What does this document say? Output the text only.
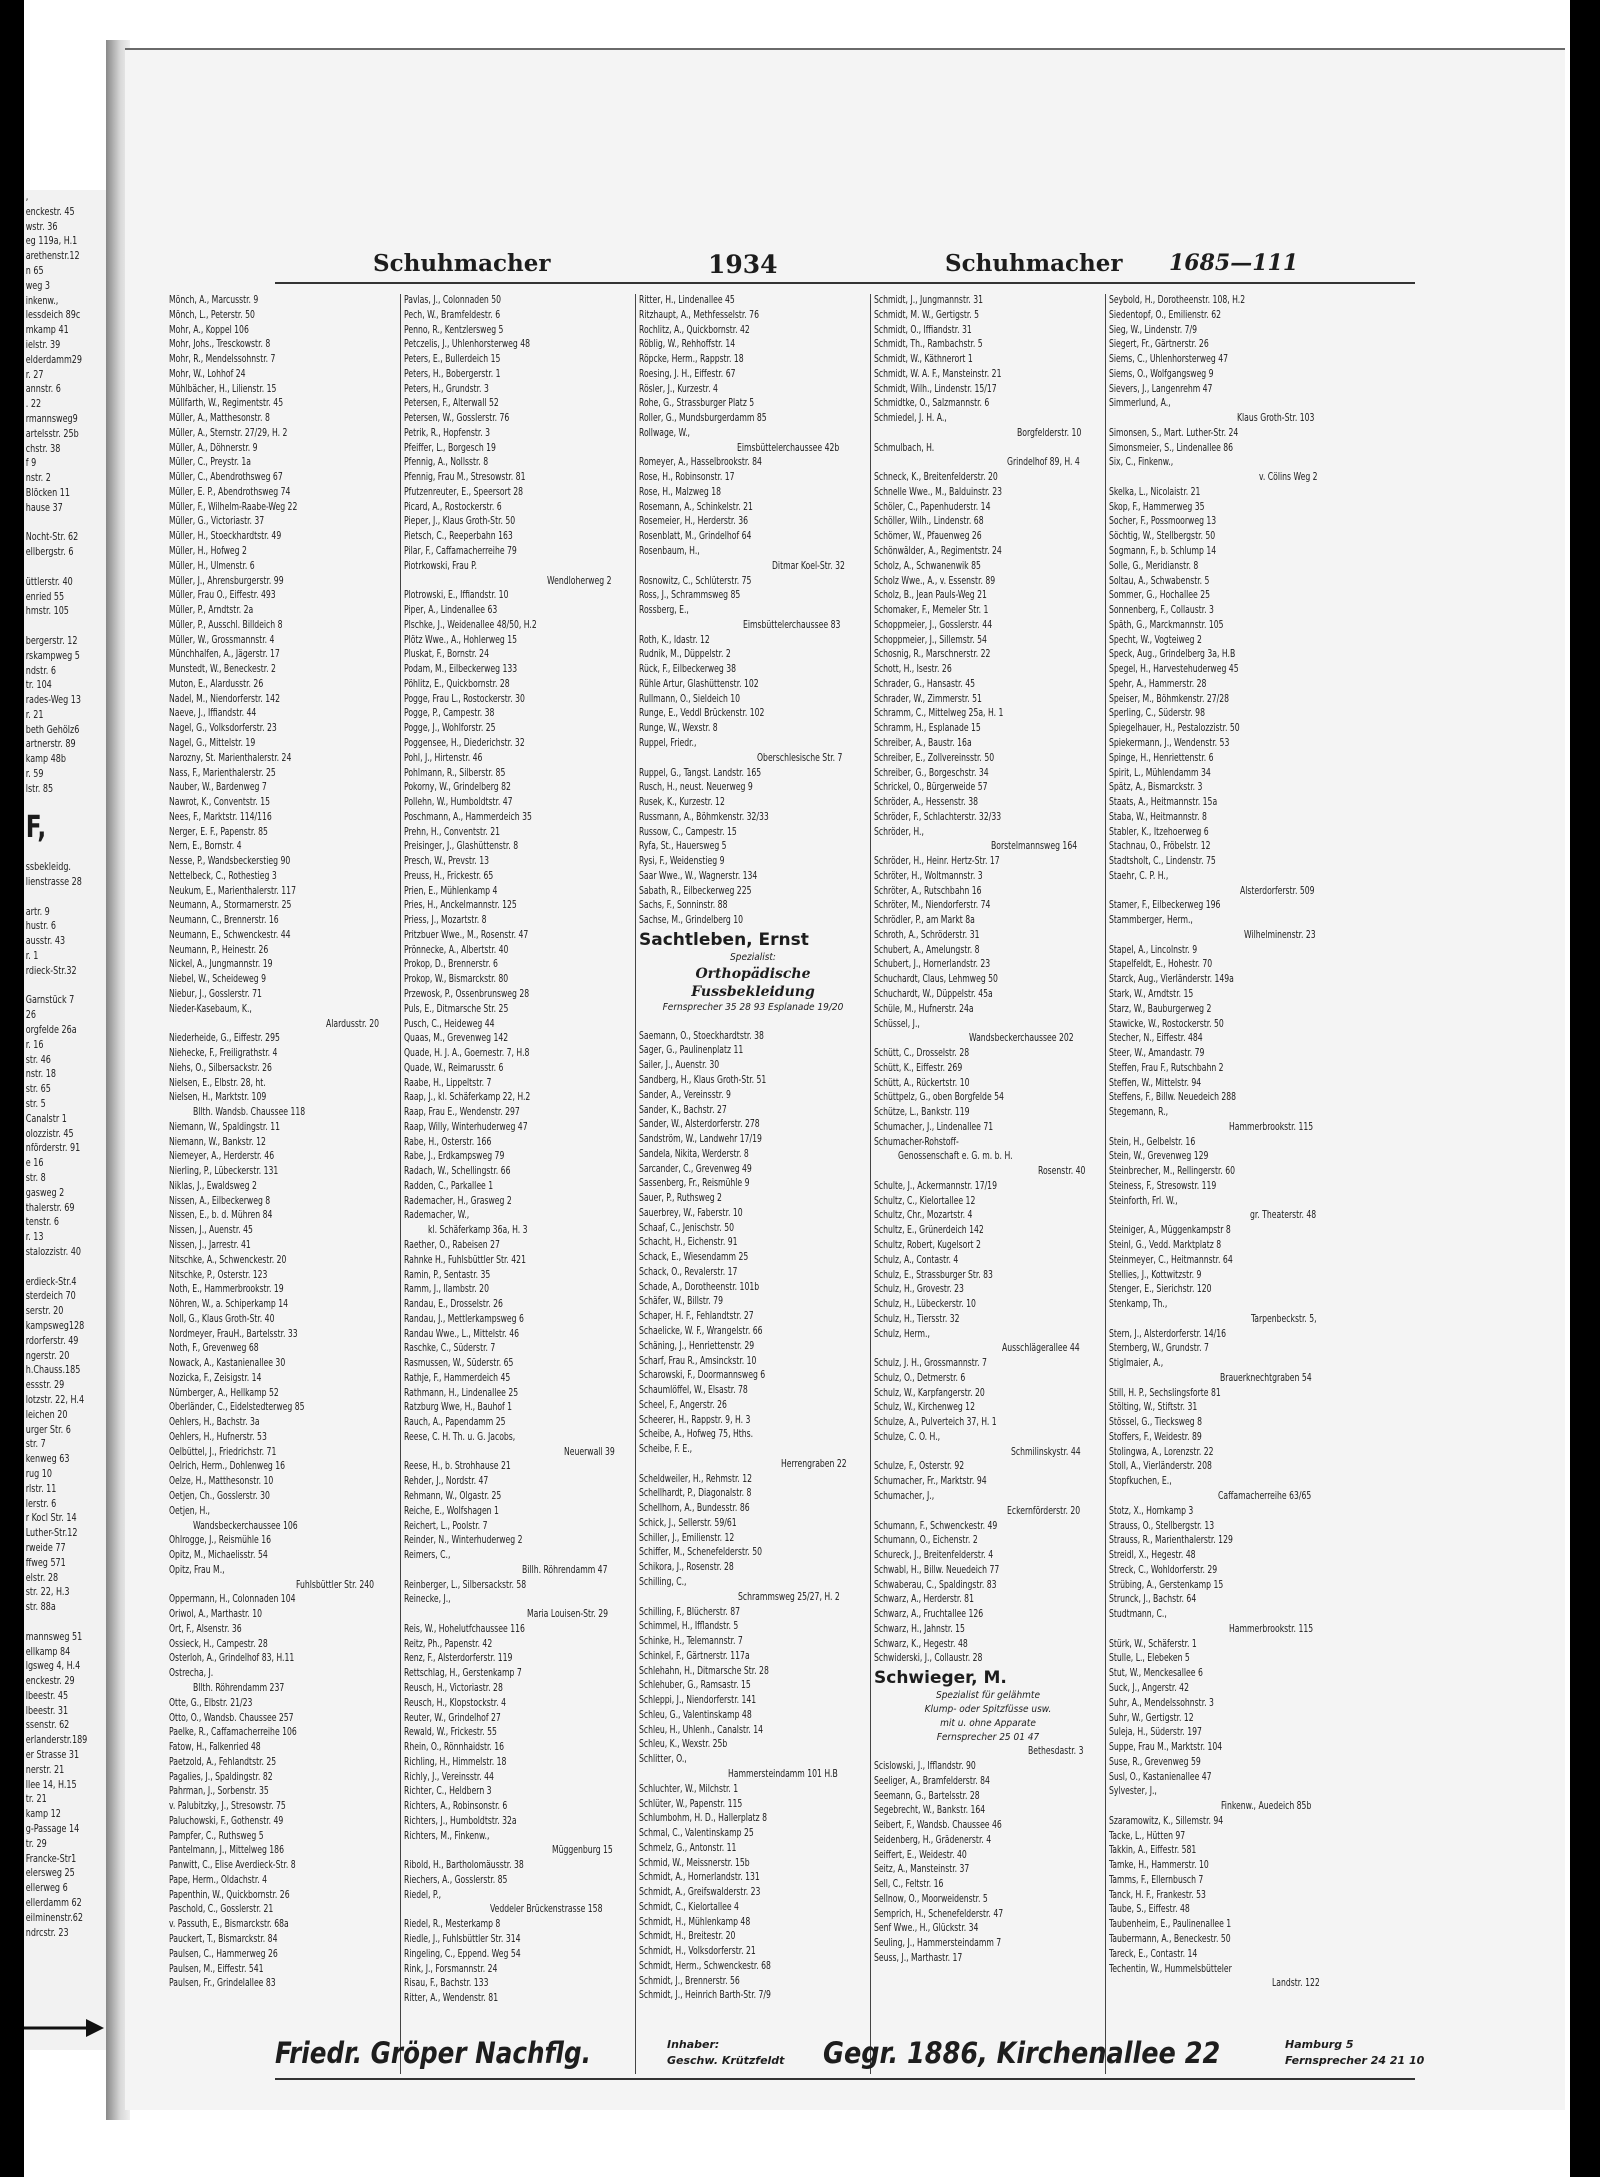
,
enckestr. 45
wstr. 36
eg 119a, H.1
arethenstr.12
n 65
weg 3
inkenw.,
lessdeich 89c
mkamp 41
ielstr. 39
elderdamm29
r. 27
annstr. 6
. 22
rmannsweg9
artelsstr. 25b
chstr. 38
f 9
nstr. 2
Blöcken 11
hause 37

Nocht-Str. 62
ellbergstr. 6

üttlerstr. 40
enried 55
hmstr. 105

bergerstr. 12
rskampweg 5
ndstr. 6
tr. 104
rades-Weg 13
r. 21
beth Gehölz6
artnerstr. 89
kamp 48b
r. 59
lstr. 85

F,

ssbekleidg.
lienstrasse 28

artr. 9
hustr. 6
ausstr. 43
r. 1
rdieck-Str.32

Garnstück 7
26
orgfelde 26a
r. 16
str. 46
nstr. 18
str. 65
str. 5
Canalstr 1
olozzistr. 45
nförderstr. 91
e 16
str. 8
gasweg 2
thalerstr. 69
tenstr. 6
r. 13
stalozzistr. 40

erdieck-Str.4
sterdeich 70
serstr. 20
kampsweg128
rdorferstr. 49
ngerstr. 20
h.Chauss.185
essstr. 29
lotzstr. 22, H.4
leichen 20
urger Str. 6
str. 7
kenweg 63
rug 10
rlstr. 11
lerstr. 6
r Kocl Str. 14
Luther-Str.12
rweide 77
ffweg 571
elstr. 28
str. 22, H.3
str. 88a

mannsweg 51
ellkamp 84
lgsweg 4, H.4
enckestr. 29
lbeestr. 45
lbeestr. 31
ssenstr. 62
erlanderstr.189
er Strasse 31
nerstr. 21
llee 14, H.15
tr. 21
kamp 12
g-Passage 14
tr. 29
Francke-Str1
elersweg 25
ellerweg 6
ellerdamm 62
eilminenstr.62
ndrcstr. 23
Schuhmacher	1934	Schuhmacher 1685—111
Mönch, A., Marcusstr. 9
Mönch, L., Peterstr. 50
Mohr, A., Koppel 106
Mohr, Johs., Tresckowstr. 8
Mohr, R., Mendelssohnstr. 7
Mohr, W., Lohhof 24
Mühlbächer, H., Lilienstr. 15
Müllfarth, W., Regimentstr. 45
Müller, A., Matthesonstr. 8
Müller, A., Sternstr. 27/29, H. 2
Müller, A., Döhnerstr. 9
Müller, C., Preystr. 1a
Müller, C., Abendrothsweg 67
Müller, E. P., Abendrothsweg 74
Müller, F., Wilhelm-Raabe-Weg 22
Müller, G., Victoriastr. 37
Müller, H., Stoeckhardtstr. 49
Müller, H., Hofweg 2
Müller, H., Ulmenstr. 6
Müller, J., Ahrensburgerstr. 99
Müller, Frau O., Eiffestr. 493
Müller, P., Arndtstr. 2a
Müller, P., Ausschl. Billdeich 8
Müller, W., Grossmannstr. 4
Münchhalfen, A., Jägerstr. 17
Munstedt, W., Beneckestr. 2
Muton, E., Alardusstr. 26
Nadel, M., Niendorferstr. 142
Naeve, J., Iffiandstr. 44
Nagel, G., Volksdorferstr. 23
Nagel, G., Mittelstr. 19
Narozny, St. Marienthalerstr. 24
Nass, F., Marienthalerstr. 25
Nauber, W., Bardenweg 7
Nawrot, K., Conventstr. 15
Nees, F., Marktstr. 114/116
Nerger, E. F., Papenstr. 85
Nern, E., Bornstr. 4
Nesse, P., Wandsbeckerstieg 90
Nettelbeck, C., Rothestieg 3
Neukum, E., Marienthalerstr. 117
Neumann, A., Stormarnerstr. 25
Neumann, C., Brennerstr. 16
Neumann, E., Schwenckestr. 44
Neumann, P., Heinestr. 26
Nickel, A., Jungmannstr. 19
Niebel, W., Scheideweg 9
Niebur, J., Gosslerstr. 71
Nieder-Kasebaum, K.,
Alardusstr. 20
Niederheide, G., Eiffestr. 295
Niehecke, F., Freiligrathstr. 4
Niehs, O., Silbersackstr. 26
Nielsen, E., Elbstr. 28, ht.
Nielsen, H., Marktstr. 109
Bllth. Wandsb. Chaussee 118
Niemann, W., Spaldingstr. 11
Niemann, W., Bankstr. 12
Niemeyer, A., Herderstr. 46
Nierling, P., Lübeckerstr. 131
Niklas, J., Ewaldsweg 2
Nissen, A., Eilbeckerweg 8
Nissen, E., b. d. Mühren 84
Nissen, J., Auenstr. 45
Nissen, J., Jarrestr. 41
Nitschke, A., Schwenckestr. 20
Nitschke, P., Osterstr. 123
Noth, E., Hammerbrookstr. 19
Nöhren, W., a. Schiperkamp 14
Noll, G., Klaus Groth-Str. 40
Nordmeyer, FrauH., Bartelsstr. 33
Noth, F., Grevenweg 68
Nowack, A., Kastanienallee 30
Nozicka, F., Zeisigstr. 14
Nürnberger, A., Hellkamp 52
Oberländer, C., Eidelstedterweg 85
Oehlers, H., Bachstr. 3a
Oehlers, H., Hufnerstr. 53
Oelbüttel, J., Friedrichstr. 71
Oelrich, Herm., Dohlenweg 16
Oelze, H., Matthesonstr. 10
Oetjen, Ch., Gosslerstr. 30
Oetjen, H.,
Wandsbeckerchaussee 106
Ohlrogge, J., Reismühle 16
Opitz, M., Michaelisstr. 54
Opitz, Frau M.,
Fuhlsbüttler Str. 240
Oppermann, H., Colonnaden 104
Oriwol, A., Marthastr. 10
Ort, F., Alsenstr. 36
Ossieck, H., Campestr. 28
Osterloh, A., Grindelhof 83, H.11
Ostrecha, J.
Bllth. Röhrendamm 237
Otte, G., Elbstr. 21/23
Otto, O., Wandsb. Chaussee 257
Paelke, R., Caffamacherreihe 106
Fatow, H., Falkenried 48
Paetzold, A., Fehlandtstr. 25
Pagalies, J., Spaldingstr. 82
Pahrman, J., Sorbenstr. 35
v. Palubitzky, J., Stresowstr. 75
Paluchowski, F., Gothenstr. 49
Pampfer, C., Ruthsweg 5
Pantelmann, J., Mittelweg 186
Panwitt, C., Elise Averdieck-Str. 8
Pape, Herm., Oldachstr. 4
Papenthin, W., Quickbornstr. 26
Paschold, C., Gosslerstr. 21
v. Passuth, E., Bismarckstr. 68a
Pauckert, T., Bismarckstr. 84
Paulsen, C., Hammerweg 26
Paulsen, M., Eiffestr. 541
Paulsen, Fr., Grindelallee 83
Pavlas, J., Colonnaden 50
Pech, W., Bramfeldestr. 6
Penno, R., Kentzlersweg 5
Petczelis, J., Uhlenhorsterweg 48
Peters, E., Bullerdeich 15
Peters, H., Bobergerstr. 1
Peters, H., Grundstr. 3
Petersen, F., Alterwall 52
Petersen, W., Gosslerstr. 76
Petrik, R., Hopfenstr. 3
Pfeiffer, L., Borgesch 19
Pfennig, A., Nollsstr. 8
Pfennig, Frau M., Stresowstr. 81
Pfutzenreuter, E., Speersort 28
Picard, A., Rostockerstr. 6
Pieper, J., Klaus Groth-Str. 50
Pietsch, C., Reeperbahn 163
Pilar, F., Caffamacherreihe 79
Piotrkowski, Frau P.
Wendloherweg 2
Plotrowski, E., Iffiandstr. 10
Piper, A., Lindenallee 63
Plschke, J., Weidenallee 48/50, H.2
Plötz Wwe., A., Hohlerweg 15
Pluskat, F., Bornstr. 24
Podam, M., Eilbeckerweg 133
Pöhlitz, E., Quickbornstr. 28
Pogge, Frau L., Rostockerstr. 30
Pogge, P., Campestr. 38
Pogge, J., Wohlforstr. 25
Poggensee, H., Diederichstr. 32
Pohl, J., Hirtenstr. 46
Pohlmann, R., Silberstr. 85
Pokorny, W., Grindelberg 82
Pollehn, W., Humboldtstr. 47
Poschmann, A., Hammerdeich 35
Prehn, H., Conventstr. 21
Preisinger, J., Glashüttenstr. 8
Presch, W., Prevstr. 13
Preuss, H., Frickestr. 65
Prien, E., Mühlenkamp 4
Pries, H., Anckelmannstr. 125
Priess, J., Mozartstr. 8
Pritzbuer Wwe., M., Rosenstr. 47
Prönnecke, A., Albertstr. 40
Prokop, D., Brennerstr. 6
Prokop, W., Bismarckstr. 80
Przewosk, P., Ossenbrunsweg 28
Puls, E., Ditmarsche Str. 25
Pusch, C., Heideweg 44
Quaas, M., Grevenweg 142
Quade, H. J. A., Goernestr. 7, H.8
Quade, W., Reimarusstr. 6
Raabe, H., Lippeltstr. 7
Raap, J., kl. Schäferkamp 22, H.2
Raap, Frau E., Wendenstr. 297
Raap, Willy, Winterhuderweg 47
Rabe, H., Osterstr. 166
Rabe, J., Erdkampsweg 79
Radach, W., Schellingstr. 66
Radden, C., Parkallee 1
Rademacher, H., Grasweg 2
Rademacher, W.,
kl. Schäferkamp 36a, H. 3
Raether, O., Rabeisen 27
Rahnke H., Fuhlsbüttler Str. 421
Ramin, P., Sentastr. 35
Ramm, J., Ilambstr. 20
Randau, E., Drosselstr. 26
Randau, J., Mettlerkampsweg 6
Randau Wwe., L., Mittelstr. 46
Raschke, C., Süderstr. 7
Rasmussen, W., Süderstr. 65
Rathje, F., Hammerdeich 45
Rathmann, H., Lindenallee 25
Ratzburg Wwe, H., Bauhof 1
Rauch, A., Papendamm 25
Reese, C. H. Th. u. G. Jacobs,
Neuerwall 39
Reese, H., b. Strohhause 21
Rehder, J., Nordstr. 47
Rehmann, W., Olgastr. 25
Reiche, E., Wolfshagen 1
Reichert, L., Poolstr. 7
Reinder, N., Winterhuderweg 2
Reimers, C.,
Billh. Röhrendamm 47
Reinberger, L., Silbersackstr. 58
Reinecke, J.,
Maria Louisen-Str. 29
Reis, W., Hohelutfchaussee 116
Reitz, Ph., Papenstr. 42
Renz, F., Alsterdorferstr. 119
Rettschlag, H., Gerstenkamp 7
Reusch, H., Victoriastr. 28
Reusch, H., Klopstockstr. 4
Reuter, W., Grindelhof 27
Rewald, W., Frickestr. 55
Rhein, O., Rönnhaidstr. 16
Richling, H., Himmelstr. 18
Richly, J., Vereinsstr. 44
Richter, C., Heldbern 3
Richters, A., Robinsonstr. 6
Richters, J., Humboldtstr. 32a
Richters, M., Finkenw.,
Müggenburg 15
Ribold, H., Bartholomäusstr. 38
Riechers, A., Gosslerstr. 85
Riedel, P.,
Veddeler Brückenstrasse 158
Riedel, R., Mesterkamp 8
Riedle, J., Fuhlsbüttler Str. 314
Ringeling, C., Eppend. Weg 54
Rink, J., Forsmannstr. 24
Risau, F., Bachstr. 133
Ritter, A., Wendenstr. 81
Ritter, H., Lindenallee 45
Ritzhaupt, A., Methfesselstr. 76
Rochlitz, A., Quickbornstr. 42
Röblig, W., Rehhoffstr. 14
Röpcke, Herm., Rappstr. 18
Roesing, J. H., Eiffestr. 67
Rösler, J., Kurzestr. 4
Rohe, G., Strassburger Platz 5
Roller, G., Mundsburgerdamm 85
Rollwage, W.,
Eimsbüttelerchaussee 42b
Romeyer, A., Hasselbrookstr. 84
Rose, H., Robinsonstr. 17
Rose, H., Malzweg 18
Rosemann, A., Schinkelstr. 21
Rosemeier, H., Herderstr. 36
Rosenblatt, M., Grindelhof 64
Rosenbaum, H.,
Ditmar Koel-Str. 32
Rosnowitz, C., Schlüterstr. 75
Ross, J., Schrammsweg 85
Rossberg, E.,
Eimsbüttelerchaussee 83
Roth, K., Idastr. 12
Rudnik, M., Düppelstr. 2
Rück, F., Eilbeckerweg 38
Rühle Artur, Glashüttenstr. 102
Rullmann, O., Sieldeich 10
Runge, E., Veddl Brückenstr. 102
Runge, W., Wexstr. 8
Ruppel, Friedr.,
Oberschlesische Str. 7
Ruppel, G., Tangst. Landstr. 165
Rusch, H., neust. Neuerweg 9
Rusek, K., Kurzestr. 12
Russmann, A., Böhmkenstr. 32/33
Russow, C., Campestr. 15
Ryfa, St., Hauersweg 5
Rysi, F., Weidenstieg 9
Saar Wwe., W., Wagnerstr. 134
Sabath, R., Eilbeckerweg 225
Sachs, F., Sonninstr. 88
Sachse, M., Grindelberg 10
Sachtleben, Ernst
Spezialist:
Orthopädische
Fussbekleidung
Fernsprecher 35 28 93 Esplanade 19/20

Saemann, O., Stoeckhardtstr. 38
Sager, G., Paulinenplatz 11
Sailer, J., Auenstr. 30
Sandberg, H., Klaus Groth-Str. 51
Sander, A., Vereinsstr. 9
Sander, K., Bachstr. 27
Sander, W., Alsterdorferstr. 278
Sandström, W., Landwehr 17/19
Sandela, Nikita, Werderstr. 8
Sarcander, C., Grevenweg 49
Sassenberg, Fr., Reismühle 9
Sauer, P., Ruthsweg 2
Sauerbrey, W., Faberstr. 10
Schaaf, C., Jenischstr. 50
Schacht, H., Eichenstr. 91
Schack, E., Wiesendamm 25
Schack, O., Revalerstr. 17
Schade, A., Dorotheenstr. 101b
Schäfer, W., Billstr. 79
Schaper, H. F., Fehlandtstr. 27
Schaelicke, W. F., Wrangelstr. 66
Schäning, J., Henriettenstr. 29
Scharf, Frau R., Amsinckstr. 10
Scharowski, F., Doormannsweg 6
Schaumlöffel, W., Elsastr. 78
Scheel, F., Angerstr. 26
Scheerer, H., Rappstr. 9, H. 3
Scheibe, A., Hofweg 75, Hths.
Scheibe, F. E.,
Herrengraben 22
Scheldweiler, H., Rehmstr. 12
Schellhardt, P., Diagonalstr. 8
Schellhorn, A., Bundesstr. 86
Schick, J., Sellerstr. 59/61
Schiller, J., Emilienstr. 12
Schiffer, M., Schenefelderstr. 50
Schikora, J., Rosenstr. 28
Schilling, C.,
Schrammsweg 25/27, H. 2
Schilling, F., Blücherstr. 87
Schimmel, H., Ifflandstr. 5
Schinke, H., Telemannstr. 7
Schinkel, F., Gärtnerstr. 117a
Schlehahn, H., Ditmarsche Str. 28
Schlehuber, G., Ramsastr. 15
Schleppi, J., Niendorferstr. 141
Schleu, G., Valentinskamp 48
Schleu, H., Uhlenh., Canalstr. 14
Schleu, K., Wexstr. 25b
Schlitter, O.,
Hammersteindamm 101 H.B
Schluchter, W., Milchstr. 1
Schlüter, W., Papenstr. 115
Schlumbohm, H. D., Hallerplatz 8
Schmal, C., Valentinskamp 25
Schmelz, G., Antonstr. 11
Schmid, W., Meissnerstr. 15b
Schmidt, A., Hornerlandstr. 131
Schmidt, A., Greifswalderstr. 23
Schmidt, C., Kielortallee 4
Schmidt, H., Mühlenkamp 48
Schmidt, H., Breitestr. 20
Schmidt, H., Volksdorferstr. 21
Schmidt, Herm., Schwenckestr. 68
Schmidt, J., Brennerstr. 56
Schmidt, J., Heinrich Barth-Str. 7/9
Schmidt, J., Jungmannstr. 31
Schmidt, M. W., Gertigstr. 5
Schmidt, O., Iffiandstr. 31
Schmidt, Th., Rambachstr. 5
Schmidt, W., Käthnerort 1
Schmidt, W. A. F., Mansteinstr. 21
Schmidt, Wilh., Lindenstr. 15/17
Schmidtke, O., Salzmannstr. 6
Schmiedel, J. H. A.,
Borgfelderstr. 10
Schmulbach, H.
Grindelhof 89, H. 4
Schneck, K., Breitenfelderstr. 20
Schnelle Wwe., M., Balduinstr. 23
Schöler, C., Papenhuderstr. 14
Schöller, Wilh., Lindenstr. 68
Schömer, W., Pfauenweg 26
Schönwälder, A., Regimentstr. 24
Scholz, A., Schwanenwik 85
Scholz Wwe., A., v. Essenstr. 89
Scholz, B., Jean Pauls-Weg 21
Schomaker, F., Memeler Str. 1
Schoppmeier, J., Gosslerstr. 44
Schoppmeier, J., Sillemstr. 54
Schosnig, R., Marschnerstr. 22
Schott, H., Isestr. 26
Schrader, G., Hansastr. 45
Schrader, W., Zimmerstr. 51
Schramm, C., Mittelweg 25a, H. 1
Schramm, H., Esplanade 15
Schreiber, A., Baustr. 16a
Schreiber, E., Zollvereinsstr. 50
Schreiber, G., Borgeschstr. 34
Schrickel, O., Bürgerweide 57
Schröder, A., Hessenstr. 38
Schröder, F., Schlachterstr. 32/33
Schröder, H.,
Borstelmannsweg 164
Schröder, H., Heinr. Hertz-Str. 17
Schröter, H., Woltmannstr. 3
Schröter, A., Rutschbahn 16
Schröter, M., Niendorferstr. 74
Schrödler, P., am Markt 8a
Schroth, A., Schröderstr. 31
Schubert, A., Amelungstr. 8
Schubert, J., Hornerlandstr. 23
Schuchardt, Claus, Lehmweg 50
Schuchardt, W., Düppelstr. 45a
Schüle, M., Hufnerstr. 24a
Schüssel, J.,
Wandsbeckerchaussee 202
Schütt, C., Drosselstr. 28
Schütt, K., Eiffestr. 269
Schütt, A., Rückertstr. 10
Schüttpelz, G., oben Borgfelde 54
Schütze, L., Bankstr. 119
Schumacher, J., Lindenallee 71
Schumacher-Rohstoff-
Genossenschaft e. G. m. b. H.
Rosenstr. 40
Schulte, J., Ackermannstr. 17/19
Schultz, C., Kielortallee 12
Schultz, Chr., Mozartstr. 4
Schultz, E., Grünerdeich 142
Schultz, Robert, Kugelsort 2
Schulz, A., Contastr. 4
Schulz, E., Strassburger Str. 83
Schulz, H., Grovestr. 23
Schulz, H., Lübeckerstr. 10
Schulz, H., Tiersstr. 32
Schulz, Herm.,
Ausschlägerallee 44
Schulz, J. H., Grossmannstr. 7
Schulz, O., Detmerstr. 6
Schulz, W., Karpfangerstr. 20
Schulz, W., Kirchenweg 12
Schulze, A., Pulverteich 37, H. 1
Schulze, C. O. H.,
Schmilinskystr. 44
Schulze, F., Osterstr. 92
Schumacher, Fr., Marktstr. 94
Schumacher, J.,
Eckernförderstr. 20
Schumann, F., Schwenckestr. 49
Schumann, O., Eichenstr. 2
Schureck, J., Breitenfelderstr. 4
Schwabl, H., Billw. Neuedeich 77
Schwaberau, C., Spaldingstr. 83
Schwarz, A., Herderstr. 81
Schwarz, A., Fruchtallee 126
Schwarz, H., Jahnstr. 15
Schwarz, K., Hegestr. 48
Schwiderski, J., Collaustr. 28
Schwieger, M.
Spezialist für gelähmte
Klump- oder Spitzfüsse usw.
mit u. ohne Apparate
Fernsprecher 25 01 47
Bethesdastr. 3
Scislowski, J., Ifflandstr. 90
Seeliger, A., Bramfelderstr. 84
Seemann, G., Bartelsstr. 28
Segebrecht, W., Bankstr. 164
Seibert, F., Wandsb. Chaussee 46
Seidenberg, H., Grädenerstr. 4
Seiffert, E., Weidestr. 40
Seitz, A., Mansteinstr. 37
Sell, C., Feltstr. 16
Sellnow, O., Moorweidenstr. 5
Semprich, H., Schenefelderstr. 47
Senf Wwe., H., Glückstr. 34
Seuling, J., Hammersteindamm 7
Seuss, J., Marthastr. 17
Seybold, H., Dorotheenstr. 108, H.2
Siedentopf, O., Emilienstr. 62
Sieg, W., Lindenstr. 7/9
Siegert, Fr., Gärtnerstr. 26
Siems, C., Uhlenhorsterweg 47
Siems, O., Wolfgangsweg 9
Sievers, J., Langenrehm 47
Simmerlund, A.,
Klaus Groth-Str. 103
Simonsen, S., Mart. Luther-Str. 24
Simonsmeier, S., Lindenallee 86
Six, C., Finkenw.,
v. Cölins Weg 2
Skelka, L., Nicolaistr. 21
Skop, F., Hammerweg 35
Socher, F., Possmoorweg 13
Söchtig, W., Stellbergstr. 50
Sogmann, F., b. Schlump 14
Solle, G., Meridianstr. 8
Soltau, A., Schwabenstr. 5
Sommer, G., Hochallee 25
Sonnenberg, F., Collaustr. 3
Späth, G., Marckmannstr. 105
Specht, W., Vogteiweg 2
Speck, Aug., Grindelberg 3a, H.B
Spegel, H., Harvestehuderweg 45
Spehr, A., Hammerstr. 28
Speiser, M., Böhmkenstr. 27/28
Sperling, C., Süderstr. 98
Spiegelhauer, H., Pestalozzistr. 50
Spiekermann, J., Wendenstr. 53
Spinge, H., Henriettenstr. 6
Spirit, L., Mühlendamm 34
Spätz, A., Bismarckstr. 3
Staats, A., Heitmannstr. 15a
Staba, W., Heitmannstr. 8
Stabler, K., Itzehoerweg 6
Stachnau, O., Fröbelstr. 12
Stadtsholt, C., Lindenstr. 75
Staehr, C. P. H.,
Alsterdorferstr. 509
Stamer, F., Eilbeckerweg 196
Stammberger, Herm.,
Wilhelminenstr. 23
Stapel, A., Lincolnstr. 9
Stapelfeldt, E., Hohestr. 70
Starck, Aug., Vierländerstr. 149a
Stark, W., Arndtstr. 15
Starz, W., Bauburgerweg 2
Stawicke, W., Rostockerstr. 50
Stecher, N., Eiffestr. 484
Steer, W., Amandastr. 79
Steffen, Frau F., Rutschbahn 2
Steffen, W., Mittelstr. 94
Steffens, F., Billw. Neuedeich 288
Stegemann, R.,
Hammerbrookstr. 115
Stein, H., Gelbelstr. 16
Stein, W., Grevenweg 129
Steinbrecher, M., Rellingerstr. 60
Steiness, F., Stresowstr. 119
Steinforth, Frl. W.,
gr. Theaterstr. 48
Steiniger, A., Müggenkampstr 8
Steinl, G., Vedd. Marktplatz 8
Steinmeyer, C., Heitmannstr. 64
Stellies, J., Kottwitzstr. 9
Stenger, E., Sierichstr. 120
Stenkamp, Th.,
Tarpenbeckstr. 5,
Stern, J., Alsterdorferstr. 14/16
Sternberg, W., Grundstr. 7
Stiglmaier, A.,
Brauerknechtgraben 54
Still, H. P., Sechslingsforte 81
Stölting, W., Stiftstr. 31
Stössel, G., Tiecksweg 8
Stoffers, F., Weidestr. 89
Stolingwa, A., Lorenzstr. 22
Stoll, A., Vierländerstr. 208
Stopfkuchen, E.,
Caffamacherreihe 63/65
Stotz, X., Hornkamp 3
Strauss, O., Stellbergstr. 13
Strauss, R., Marienthalerstr. 129
Streidl, X., Hegestr. 48
Streck, C., Wohldorferstr. 29
Strübing, A., Gerstenkamp 15
Strunck, J., Bachstr. 64
Studtmann, C.,
Hammerbrookstr. 115
Stürk, W., Schäferstr. 1
Stulle, L., Elebeken 5
Stut, W., Menckesallee 6
Suck, J., Angerstr. 42
Suhr, A., Mendelssohnstr. 3
Suhr, W., Gertigstr. 12
Suleja, H., Süderstr. 197
Suppe, Frau M., Marktstr. 104
Suse, R., Grevenweg 59
Susl, O., Kastanienallee 47
Sylvester, J.,
Finkenw., Auedeich 85b
Szaramowitz, K., Sillemstr. 94
Tacke, L., Hütten 97
Takkin, A., Eiffestr. 581
Tamke, H., Hammerstr. 10
Tamms, F., Ellernbusch 7
Tanck, H. F., Frankestr. 53
Taube, S., Eiffestr. 48
Taubenheim, E., Paulinenallee 1
Taubermann, A., Beneckestr. 50
Tareck, E., Contastr. 14
Techentin, W., Hummelsbütteler
Landstr. 122
Friedr. Gröper Nachflg.	Inhaber:
Geschw. Krützfeldt Gegr. 1886, Kirchenallee 22	Hamburg 5
Fernsprecher 24 21 10
